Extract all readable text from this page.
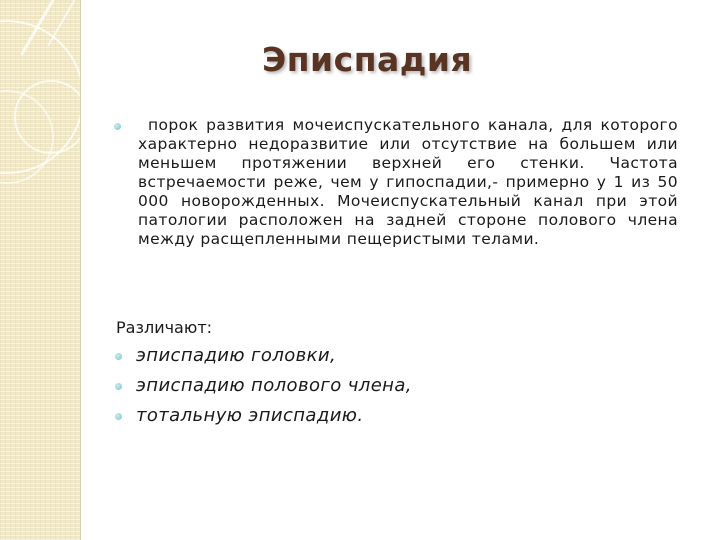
Эписпадия
порок развития мочеиспускательного канала, для которого характерно недоразвитие или отсутствие на большем или меньшем протяжении верхней его стенки. Частота встречаемости реже, чем у гипоспадии,- примерно у 1 из 50 000 новорожденных. Мочеиспускательный канал при этой патологии расположен на задней стороне полового члена между расщепленными пещеристыми телами.
Различают:
эписпадию головки,
эписпадию полового члена,
тотальную эписпадию.
